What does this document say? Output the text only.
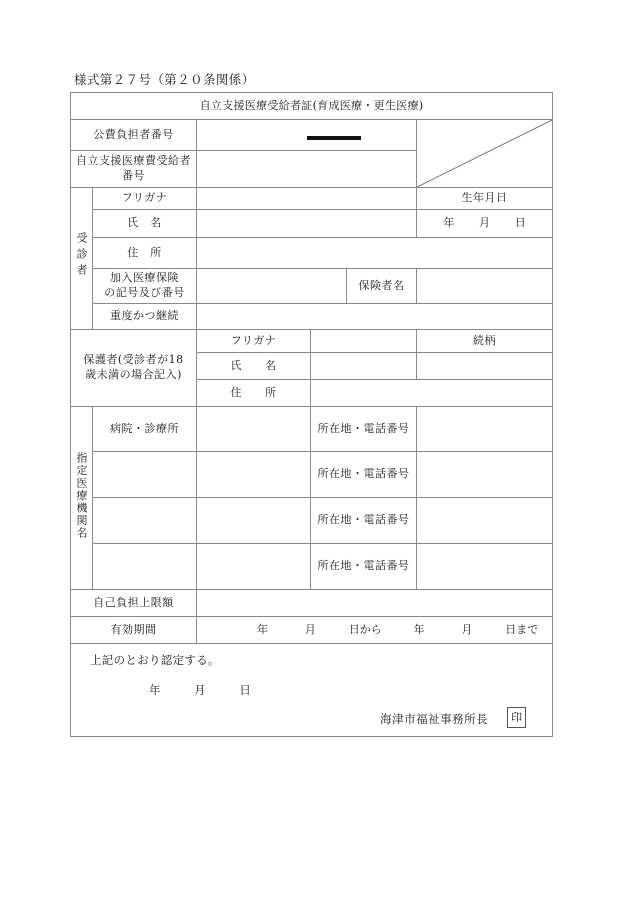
様式第２７号（第２０条関係）
自立支援医療受給者証(育成医療・更生医療)					
公費負担者番号	

自立支援医療費受給者番号	

受診者	フリガナ				生年月日
	氏　名				年 月 日

	住　所				

	加入医療保険
の記号及び番号			保険者名	
	重度かつ継続				

保護者(受診者が18
歳未満の場合記入)		フリガナ			続柄
		氏　　名			
		住　　所			
指定医療機関名	病院・診療所		所在地・電話番号		
			所在地・電話番号		
			所在地・電話番号		
			所在地・電話番号		
自己負担上限額					
有効期間	年	月	日から	年	月	日まで

上記のとおり認定する。
年 月 日
海津市福祉事務所長 印					
